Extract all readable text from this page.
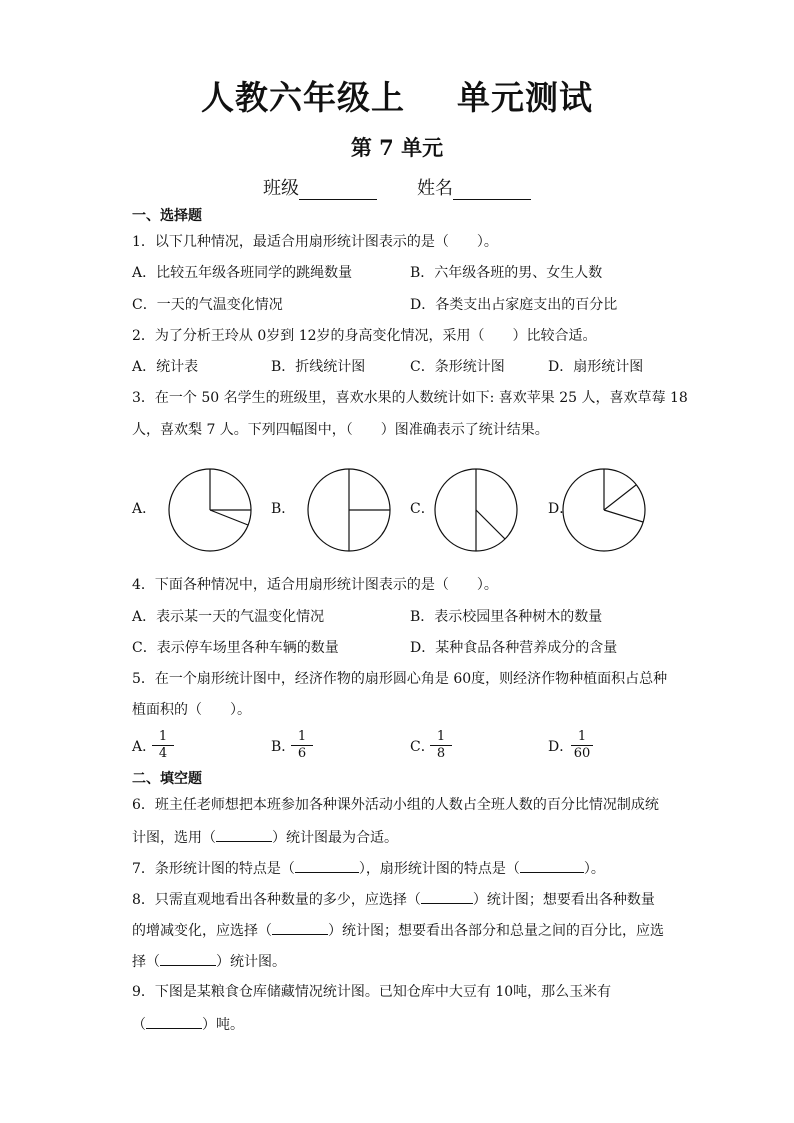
人教六年级上 单元测试
第 7 单元
班级	姓名
一、选择题
1．以下几种情况，最适合用扇形统计图表示的是（　　）。
A．比较五年级各班同学的跳绳数量	B．六年级各班的男、女生人数
C．一天的气温变化情况	D．各类支出占家庭支出的百分比
2．为了分析王玲从 0岁到 12岁的身高变化情况，采用（　　）比较合适。
A．统计表	B．折线统计图	C．条形统计图	D．扇形统计图
3．在一个 50 名学生的班级里，喜欢水果的人数统计如下: 喜欢苹果 25 人，喜欢草莓 18
人，喜欢梨 7 人。下列四幅图中，（　　）图准确表示了统计结果。
A．	B．	C．	D．
4．下面各种情况中，适合用扇形统计图表示的是（　　）。
A．表示某一天的气温变化情况	B．表示校园里各种树木的数量
C．表示停车场里各种车辆的数量	D．某种食品各种营养成分的含量
5．在一个扇形统计图中，经济作物的扇形圆心角是 60度，则经济作物种植面积占总种
植面积的（　　）。
A．
$\frac{1}{4}$	B．
$\frac{1}{6}$	C．
$\frac{1}{8}$	D．
$\frac{1}{60}$
二、填空题
6．班主任老师想把本班参加各种课外活动小组的人数占全班人数的百分比情况制成统
计图，选用（	）统计图最为合适。
7．条形统计图的特点是（	），扇形统计图的特点是（	）。
8．只需直观地看出各种数量的多少，应选择（	）统计图；想要看出各种数量
的增减变化，应选择（	）统计图；想要看出各部分和总量之间的百分比，应选
择（	）统计图。
9．下图是某粮食仓库储藏情况统计图。已知仓库中大豆有 10吨，那么玉米有
（	）吨。
